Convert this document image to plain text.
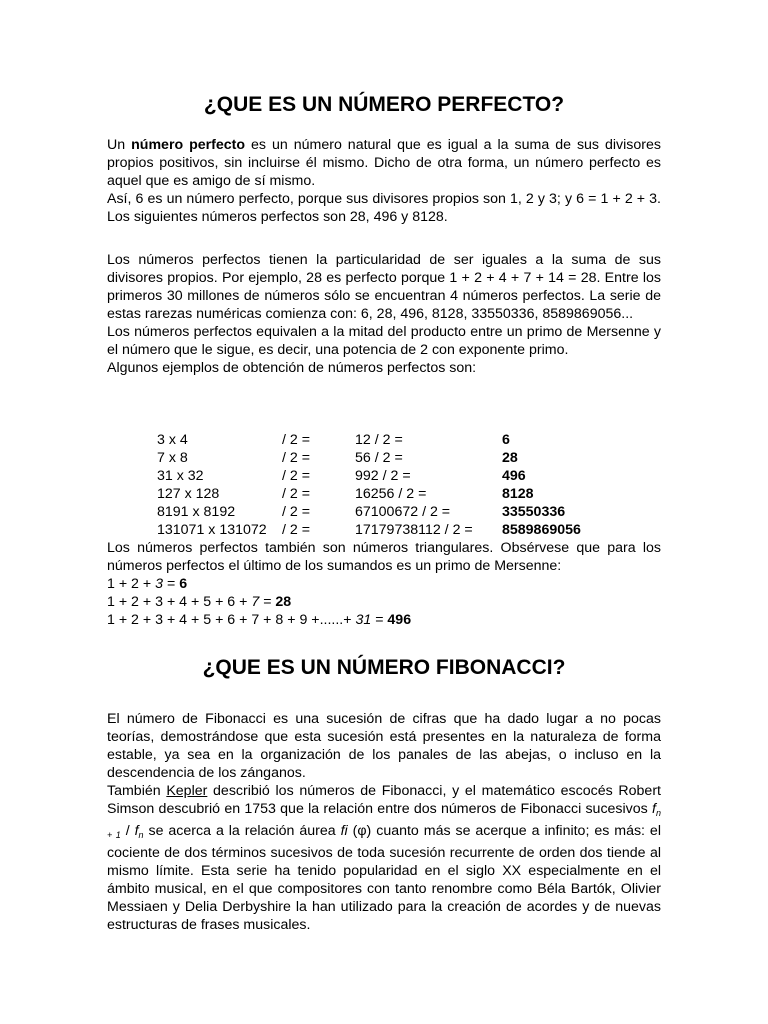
¿QUE ES UN NÚMERO PERFECTO?

Un número perfecto es un número natural que es igual a la suma de sus divisores propios positivos, sin incluirse él mismo. Dicho de otra forma, un número perfecto es aquel que es amigo de sí mismo.

Así, 6 es un número perfecto, porque sus divisores propios son 1, 2 y 3; y 6 = 1 + 2 + 3. Los siguientes números perfectos son 28, 496 y 8128.

Los números perfectos tienen la particularidad de ser iguales a la suma de sus divisores propios. Por ejemplo, 28 es perfecto porque 1 + 2 + 4 + 7 + 14 = 28. Entre los primeros 30 millones de números sólo se encuentran 4 números perfectos. La serie de estas rarezas numéricas comienza con: 6, 28, 496, 8128, 33550336, 8589869056...

Los números perfectos equivalen a la mitad del producto entre un primo de Mersenne y el número que le sigue, es decir, una potencia de 2 con exponente primo.

Algunos ejemplos de obtención de números perfectos son:

3 x 4	/ 2 =	12 / 2 =	6
7 x 8	/ 2 =	56 / 2 =	28
31 x 32	/ 2 =	992 / 2 =	496
127 x 128	/ 2 =	16256 / 2 =	8128
8191 x 8192	/ 2 =	67100672 / 2 =	33550336
131071 x 131072	/ 2 =	17179738112 / 2 =	8589869056

Los números perfectos también son números triangulares. Obsérvese que para los números perfectos el último de los sumandos es un primo de Mersenne:

1 + 2 + 3 = 6

1 + 2 + 3 + 4 + 5 + 6 + 7 = 28

1 + 2 + 3 + 4 + 5 + 6 + 7 + 8 + 9 +......+ 31 = 496

¿QUE ES UN NÚMERO FIBONACCI?

El número de Fibonacci es una sucesión de cifras que ha dado lugar a no pocas teorías, demostrándose que esta sucesión está presentes en la naturaleza de forma estable, ya sea en la organización de los panales de las abejas, o incluso en la descendencia de los zánganos.

También Kepler describió los números de Fibonacci, y el matemático escocés Robert Simson descubrió en 1753 que la relación entre dos números de Fibonacci sucesivos $f_{n + 1} / f_n$ se acerca a la relación áurea fi (φ) cuanto más se acerque a infinito; es más: el cociente de dos términos sucesivos de toda sucesión recurrente de orden dos tiende al mismo límite. Esta serie ha tenido popularidad en el siglo XX especialmente en el ámbito musical, en el que compositores con tanto renombre como Béla Bartók, Olivier Messiaen y Delia Derbyshire la han utilizado para la creación de acordes y de nuevas estructuras de frases musicales.
